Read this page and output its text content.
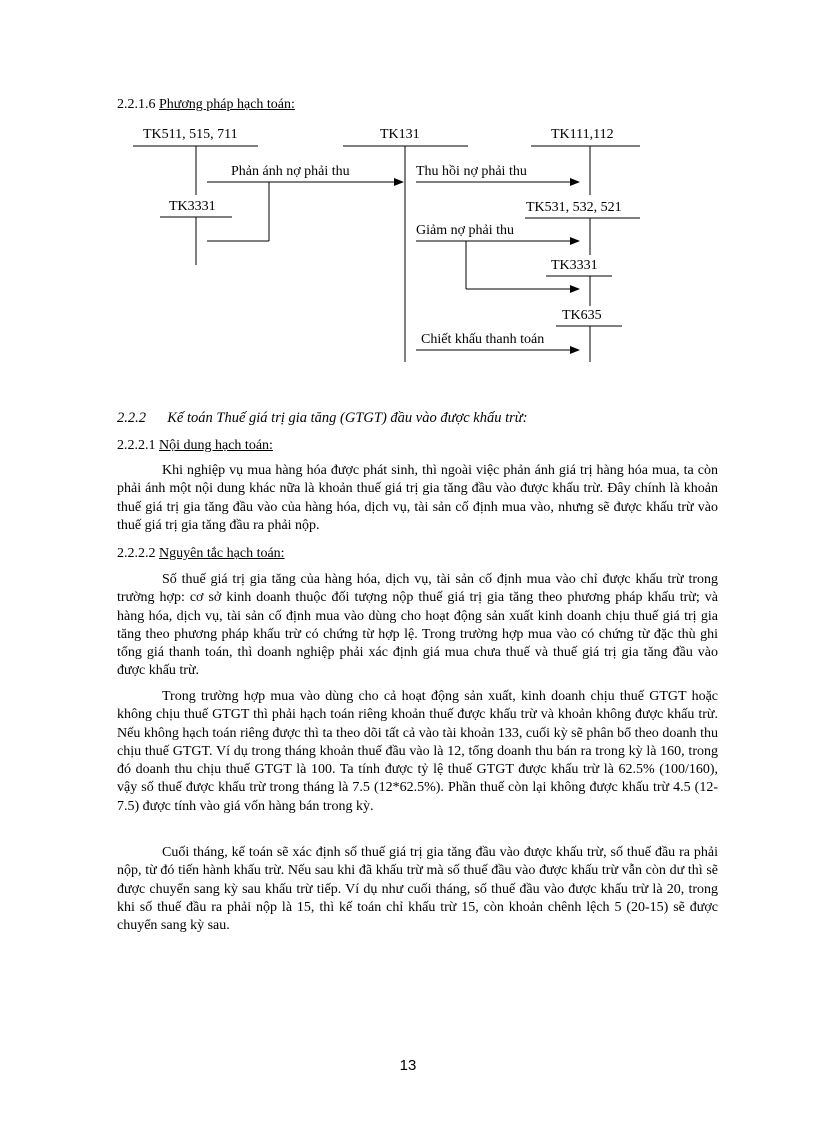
2.2.1.6 Phương pháp hạch toán:
TK511, 515, 711	TK131	TK111,112
TK3331	TK531, 532, 521
TK3331
TK635
Phản ánh nợ phải thu	Thu hồi nợ phải thu
Giảm nợ phải thu
Chiết khấu thanh toán
2.2.2 Kế toán Thuế giá trị gia tăng (GTGT) đầu vào được khấu trừ:
2.2.2.1 Nội dung hạch toán:

Khi nghiệp vụ mua hàng hóa được phát sinh, thì ngoài việc phản ánh giá trị hàng hóa mua, ta còn phải ánh một nội dung khác nữa là khoản thuế giá trị gia tăng đầu vào được khấu trừ. Đây chính là khoản thuế giá trị gia tăng đầu vào của hàng hóa, dịch vụ, tài sản cố định mua vào, nhưng sẽ được khấu trừ vào thuế giá trị gia tăng đầu ra phải nộp.

2.2.2.2 Nguyên tắc hạch toán:

Số thuế giá trị gia tăng của hàng hóa, dịch vụ, tài sản cố định mua vào chỉ được khấu trừ trong trường hợp: cơ sở kinh doanh thuộc đối tượng nộp thuế giá trị gia tăng theo phương pháp khấu trừ; và hàng hóa, dịch vụ, tài sản cố định mua vào dùng cho hoạt động sản xuất kinh doanh chịu thuế giá trị gia tăng theo phương pháp khấu trừ có chứng từ hợp lệ. Trong trường hợp mua vào có chứng từ đặc thù ghi tổng giá thanh toán, thì doanh nghiệp phải xác định giá mua chưa thuế và thuế giá trị gia tăng đầu vào được khấu trừ.

Trong trường hợp mua vào dùng cho cả hoạt động sản xuất, kinh doanh chịu thuế GTGT hoặc không chịu thuế GTGT thì phải hạch toán riêng khoản thuế được khấu trừ và khoản không được khấu trừ. Nếu không hạch toán riêng được thì ta theo dõi tất cả vào tài khoản 133, cuối kỳ sẽ phân bổ theo doanh thu chịu thuế GTGT. Ví dụ trong tháng khoản thuế đầu vào là 12, tổng doanh thu bán ra trong kỳ là 160, trong đó doanh thu chịu thuế GTGT là 100. Ta tính được tỷ lệ thuế GTGT được khấu trừ là 62.5% (100/160), vậy số thuế được khấu trừ trong tháng là 7.5 (12*62.5%). Phần thuế còn lại không được khấu trừ 4.5 (12-7.5) được tính vào giá vốn hàng bán trong kỳ.

Cuối tháng, kế toán sẽ xác định số thuế giá trị gia tăng đầu vào được khấu trừ, số thuế đầu ra phải nộp, từ đó tiến hành khấu trừ. Nếu sau khi đã khấu trừ mà số thuế đầu vào được khấu trừ vẫn còn dư thì sẽ được chuyển sang kỳ sau khấu trừ tiếp. Ví dụ như cuối tháng, số thuế đầu vào được khấu trừ là 20, trong khi số thuế đầu ra phải nộp là 15, thì kế toán chỉ khấu trừ 15, còn khoản chênh lệch 5 (20-15) sẽ được chuyển sang kỳ sau.

13
